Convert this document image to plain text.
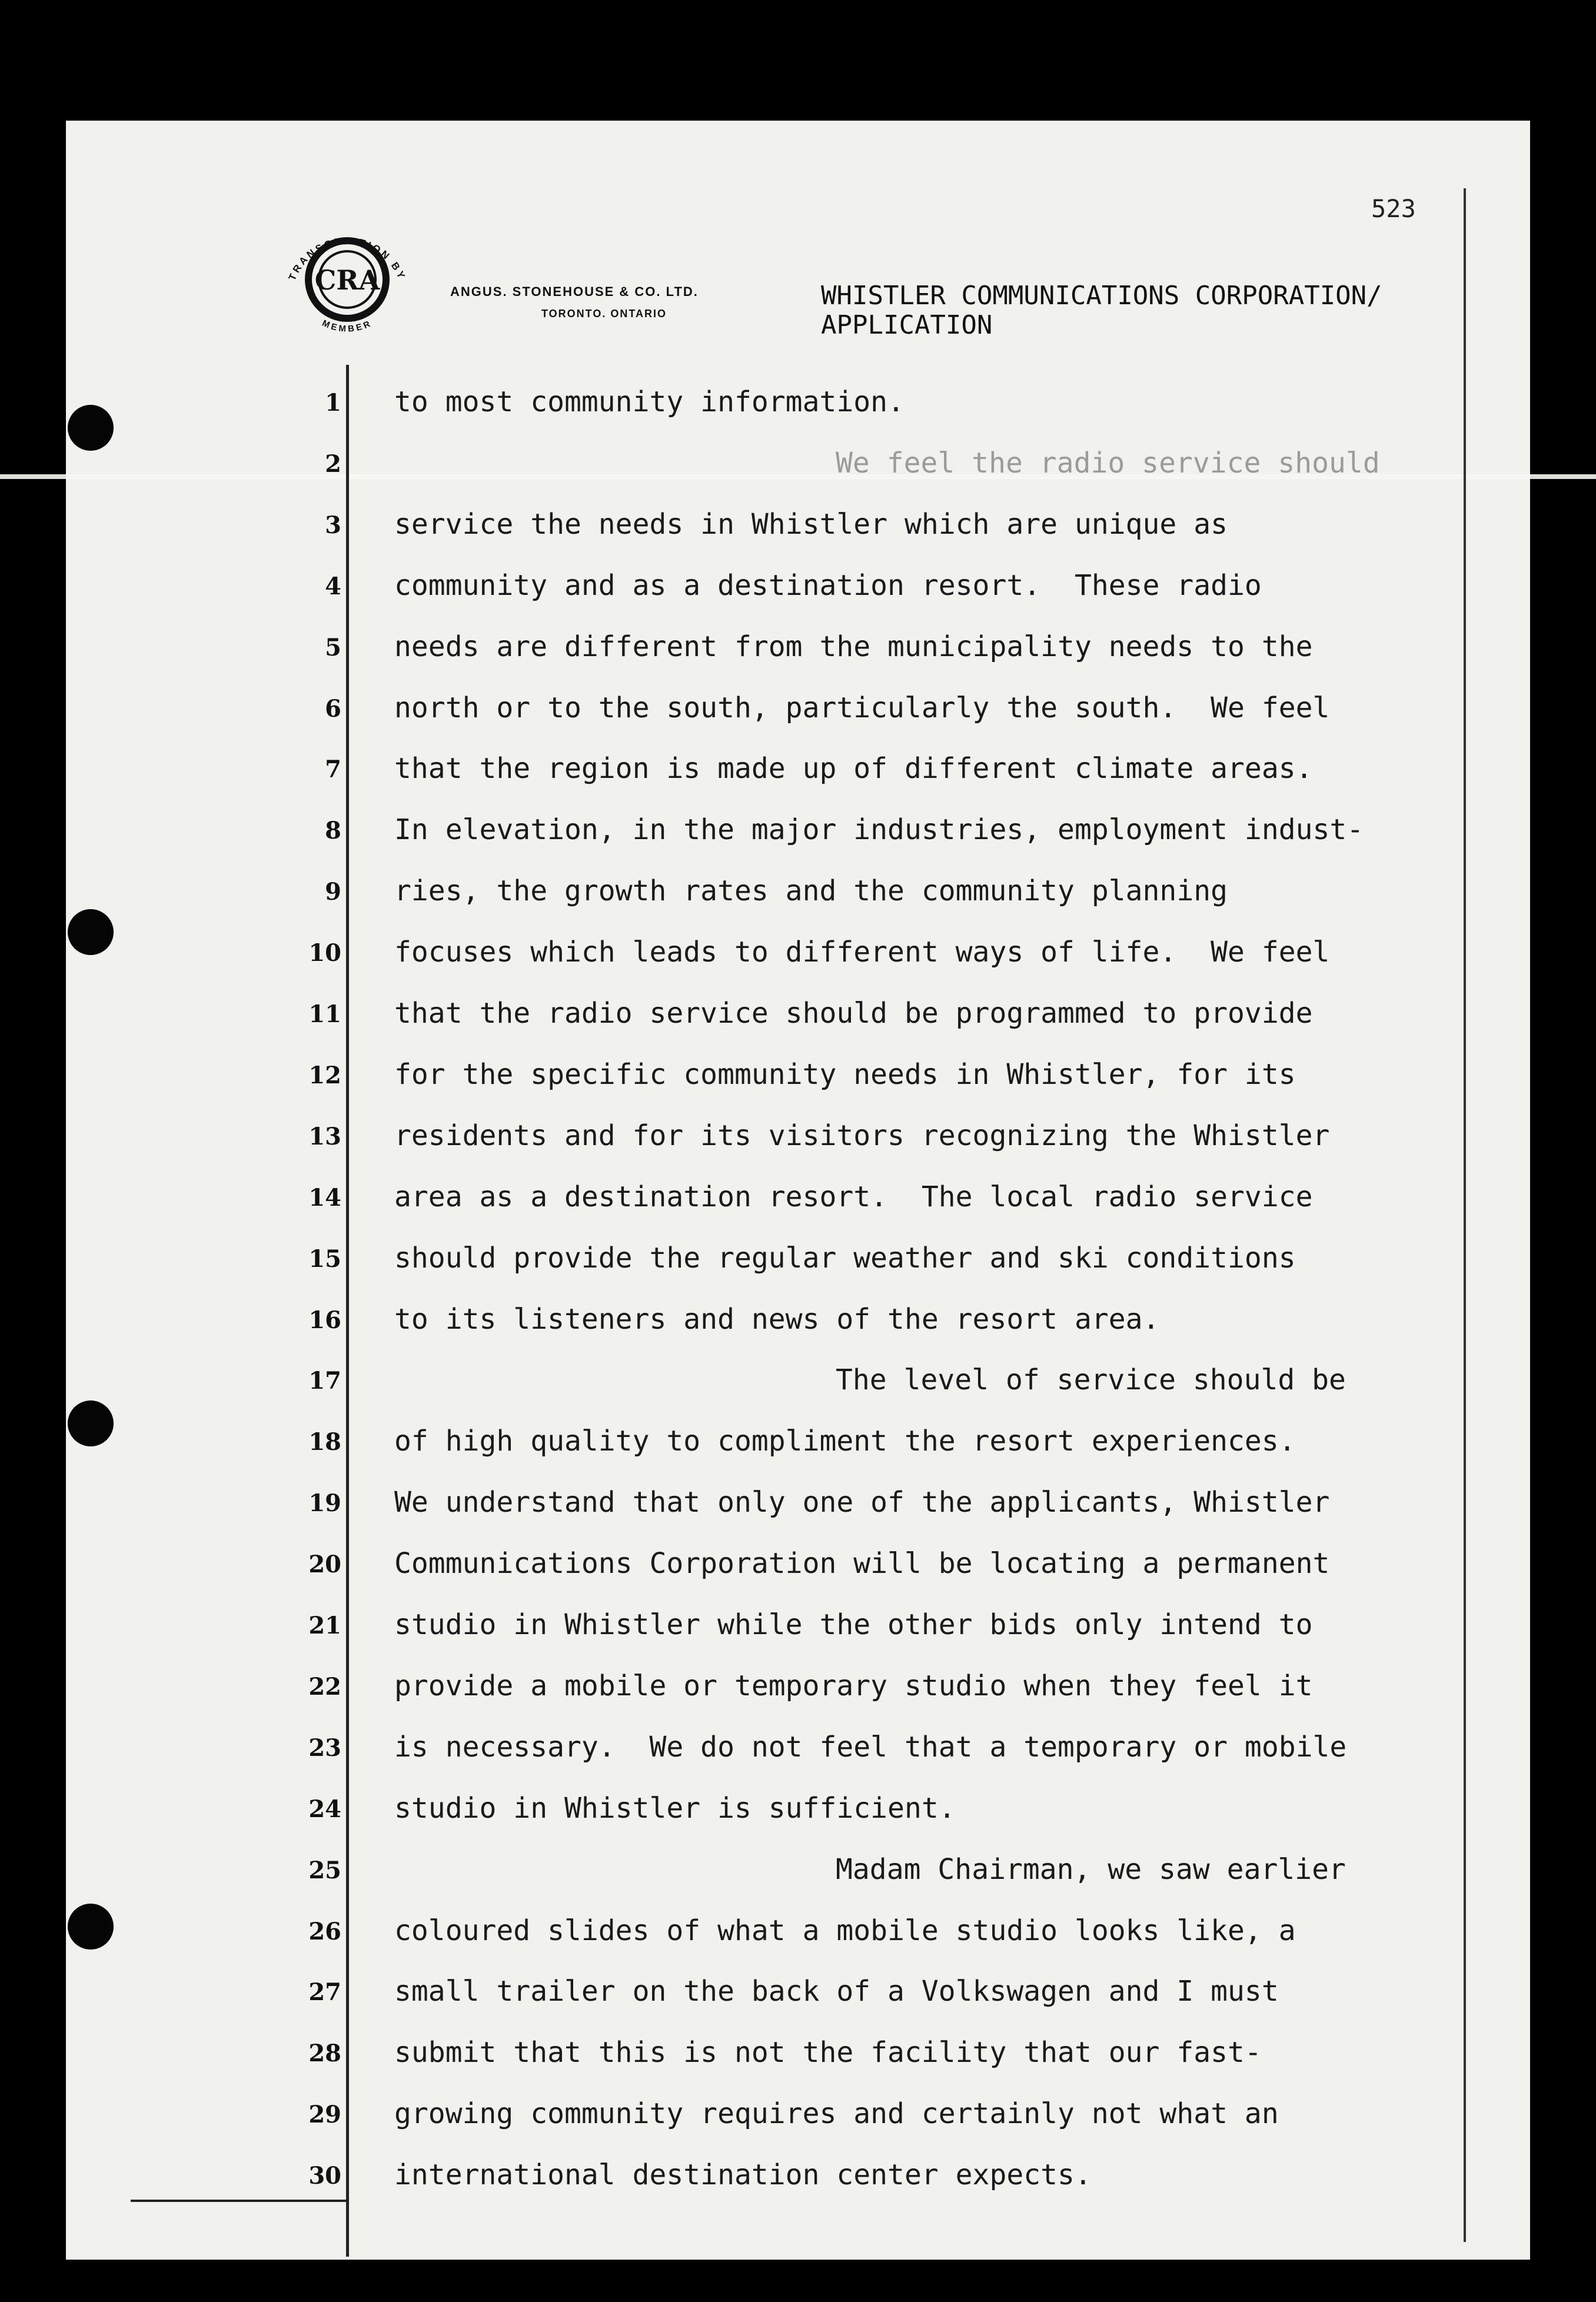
523
TRANSCRIPTION BY
MEMBER
CRA	ANGUS. STONEHOUSE & CO. LTD.
TORONTO. ONTARIO
WHISTLER COMMUNICATIONS CORPORATION/
APPLICATION
1 to most community information.
2	We feel the radio service should
3 service the needs in Whistler which are unique as
4 community and as a destination resort.  These radio
5 needs are different from the municipality needs to the
6 north or to the south, particularly the south.  We feel
7 that the region is made up of different climate areas.
8 In elevation, in the major industries, employment indust-
9 ries, the growth rates and the community planning
10 focuses which leads to different ways of life.  We feel
11 that the radio service should be programmed to provide
12 for the specific community needs in Whistler, for its
13 residents and for its visitors recognizing the Whistler
14 area as a destination resort.  The local radio service
15 should provide the regular weather and ski conditions
16 to its listeners and news of the resort area.
17	The level of service should be
18 of high quality to compliment the resort experiences.
19 We understand that only one of the applicants, Whistler
20 Communications Corporation will be locating a permanent
21 studio in Whistler while the other bids only intend to
22 provide a mobile or temporary studio when they feel it
23 is necessary.  We do not feel that a temporary or mobile
24 studio in Whistler is sufficient.
25	Madam Chairman, we saw earlier
26 coloured slides of what a mobile studio looks like, a
27 small trailer on the back of a Volkswagen and I must
28 submit that this is not the facility that our fast-
29 growing community requires and certainly not what an
30 international destination center expects.
